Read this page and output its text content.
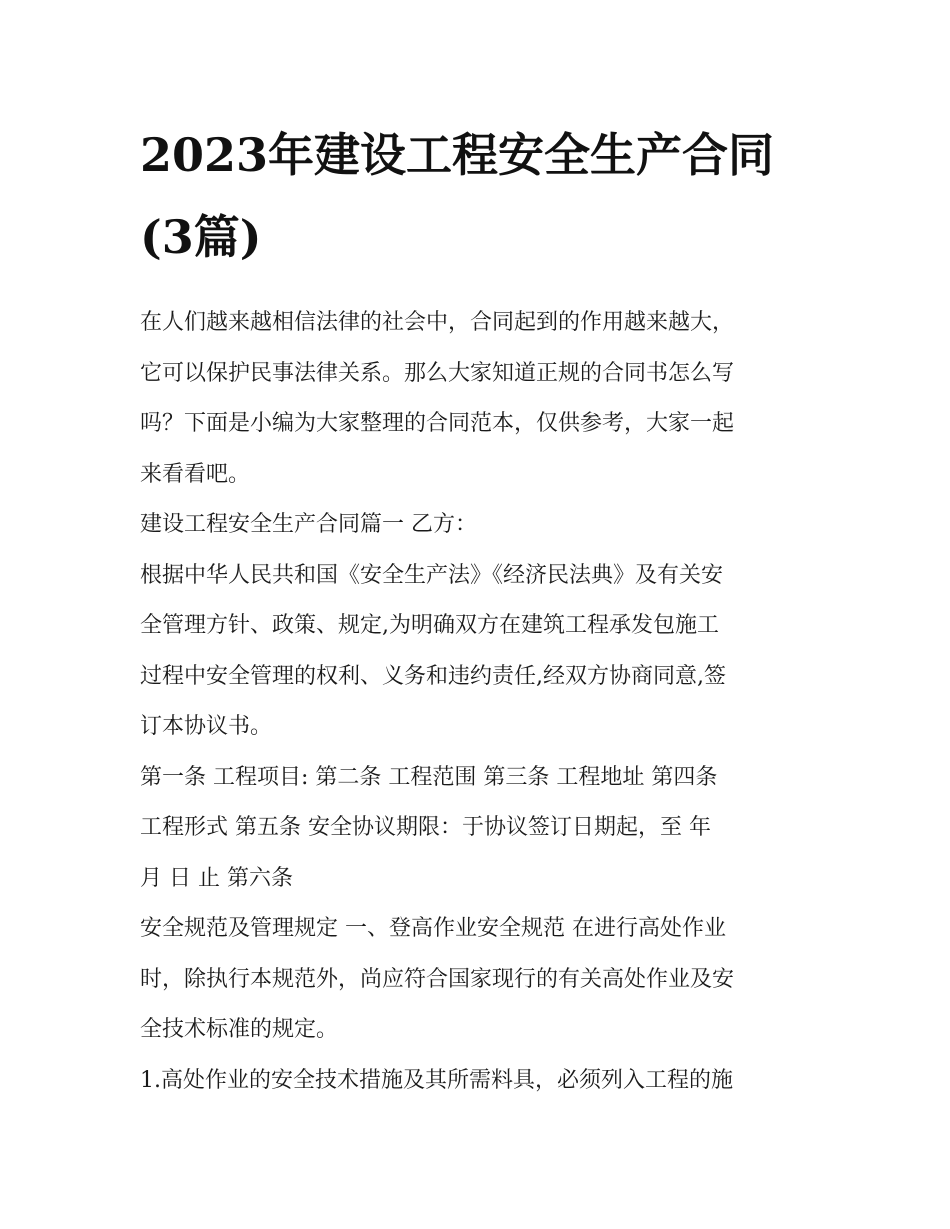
2023年建设工程安全生产合同
(3篇)
在人们越来越相信法律的社会中，合同起到的作用越来越大，
它可以保护民事法律关系。那么大家知道正规的合同书怎么写
吗？下面是小编为大家整理的合同范本，仅供参考，大家一起
来看看吧。
建设工程安全生产合同篇一 乙方：
根据中华人民共和国《安全生产法》《经济民法典》及有关安
全管理方针、政策、规定,为明确双方在建筑工程承发包施工
过程中安全管理的权利、义务和违约责任,经双方协商同意,签
订本协议书。
第一条 工程项目: 第二条 工程范围 第三条 工程地址 第四条
工程形式 第五条 安全协议期限：于协议签订日期起，至 年
月 日 止 第六条
安全规范及管理规定 一、登高作业安全规范 在进行高处作业
时，除执行本规范外，尚应符合国家现行的有关高处作业及安
全技术标准的规定。
1.高处作业的安全技术措施及其所需料具，必须列入工程的施
